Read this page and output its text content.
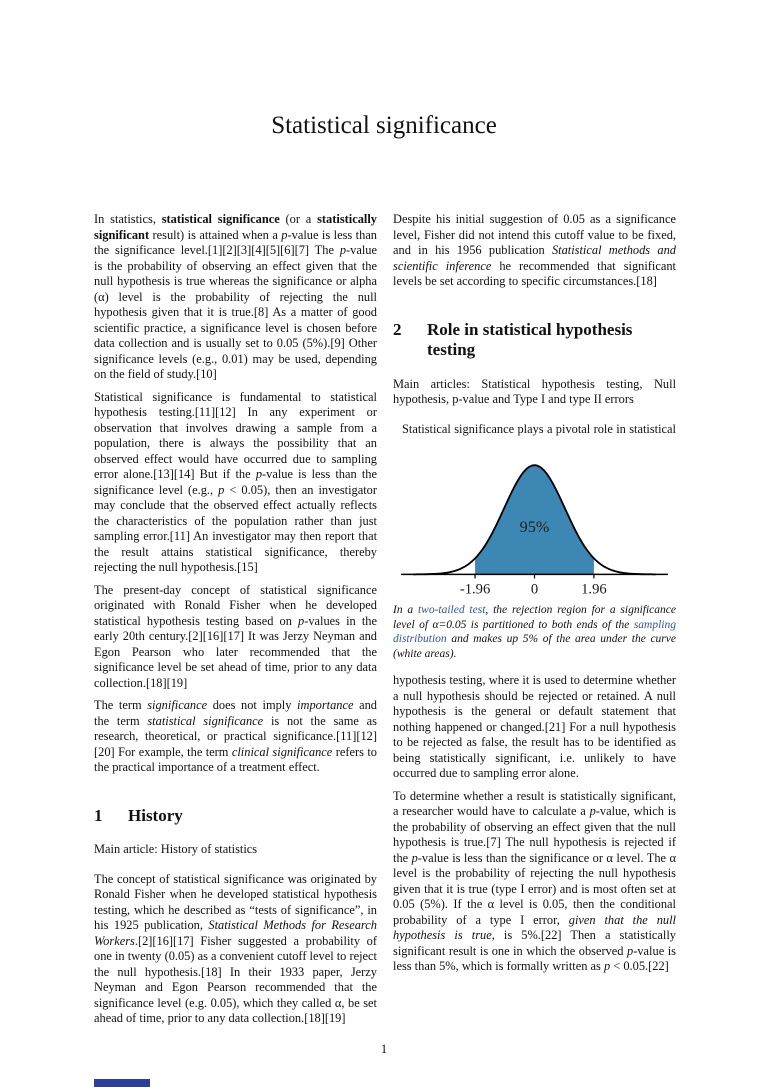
Statistical significance

In statistics, statistical significance (or a statistically significant result) is attained when a p-value is less than the significance level.[1][2][3][4][5][6][7] The p-value is the probability of observing an effect given that the null hypothesis is true whereas the significance or alpha (α) level is the probability of rejecting the null hypothesis given that it is true.[8] As a matter of good scientific practice, a significance level is chosen before data collection and is usually set to 0.05 (5%).[9] Other significance levels (e.g., 0.01) may be used, depending on the field of study.[10]

Statistical significance is fundamental to statistical hypothesis testing.[11][12] In any experiment or observation that involves drawing a sample from a population, there is always the possibility that an observed effect would have occurred due to sampling error alone.[13][14] But if the p-value is less than the significance level (e.g., p < 0.05), then an investigator may conclude that the observed effect actually reflects the characteristics of the population rather than just sampling error.[11] An investigator may then report that the result attains statistical significance, thereby rejecting the null hypothesis.[15]

The present-day concept of statistical significance originated with Ronald Fisher when he developed statistical hypothesis testing based on p-values in the early 20th century.[2][16][17] It was Jerzy Neyman and Egon Pearson who later recommended that the significance level be set ahead of time, prior to any data collection.[18][19]

The term significance does not imply importance and the term statistical significance is not the same as research, theoretical, or practical significance.[11][12][20] For example, the term clinical significance refers to the practical importance of a treatment effect.

1	History

Main article: History of statistics

The concept of statistical significance was originated by Ronald Fisher when he developed statistical hypothesis testing, which he described as “tests of significance”, in his 1925 publication, Statistical Methods for Research Workers.[2][16][17] Fisher suggested a probability of one in twenty (0.05) as a convenient cutoff level to reject the null hypothesis.[18] In their 1933 paper, Jerzy Neyman and Egon Pearson recommended that the significance level (e.g. 0.05), which they called α, be set ahead of time, prior to any data collection.[18][19]

Despite his initial suggestion of 0.05 as a significance level, Fisher did not intend this cutoff value to be fixed, and in his 1956 publication Statistical methods and scientific inference he recommended that significant levels be set according to specific circumstances.[18]

2	Role in statistical hypothesis testing

Main articles: Statistical hypothesis testing, Null hypothesis, p-value and Type I and type II errors

Statistical significance plays a pivotal role in statistical

-1.96	0	1.96
95%

In a two-tailed test, the rejection region for a significance level of α=0.05 is partitioned to both ends of the sampling distribution and makes up 5% of the area under the curve (white areas).

hypothesis testing, where it is used to determine whether a null hypothesis should be rejected or retained. A null hypothesis is the general or default statement that nothing happened or changed.[21] For a null hypothesis to be rejected as false, the result has to be identified as being statistically significant, i.e. unlikely to have occurred due to sampling error alone.

To determine whether a result is statistically significant, a researcher would have to calculate a p-value, which is the probability of observing an effect given that the null hypothesis is true.[7] The null hypothesis is rejected if the p-value is less than the significance or α level. The α level is the probability of rejecting the null hypothesis given that it is true (type I error) and is most often set at 0.05 (5%). If the α level is 0.05, then the conditional probability of a type I error, given that the null hypothesis is true, is 5%.[22] Then a statistically significant result is one in which the observed p-value is less than 5%, which is formally written as p < 0.05.[22]

1
